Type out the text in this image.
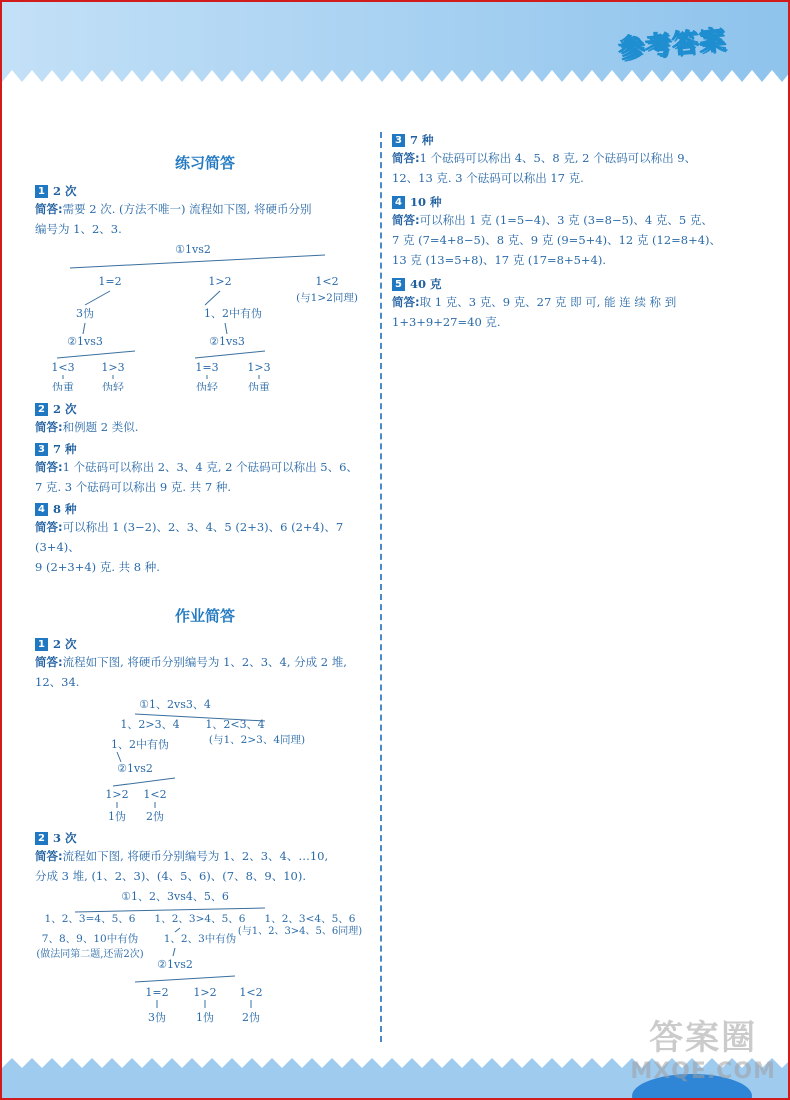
参考答案

练习简答

1 2 次

简答:需要 2 次. (方法不唯一) 流程如下图, 将硬币分别

编号为 1、2、3.

①1vs2
1=2	1>2	1<2
(与1>2同理)
3伪	1、2中有伪
②1vs3	②1vs3
1<3 1>3	1=3	1>3
伪重	伪轻	伪轻	伪重

2 2 次

简答:和例题 2 类似.

3 7 种

简答:1 个砝码可以称出 2、3、4 克, 2 个砝码可以称出 5、6、

7 克. 3 个砝码可以称出 9 克. 共 7 种.

4 8 种

简答:可以称出 1 (3−2)、2、3、4、5 (2+3)、6 (2+4)、7 (3+4)、

9 (2+3+4) 克. 共 8 种.

作业简答

1 2 次

简答:流程如下图, 将硬币分别编号为 1、2、3、4, 分成 2 堆,

12、34.

①1、2vs3、4
1、2>3、4 1、2<3、4
(与1、2>3、4同理)
1、2中有伪
②1vs2
1>2 1<2
1伪 2伪

2 3 次

简答:流程如下图, 将硬币分别编号为 1、2、3、4、…10,

分成 3 堆, (1、2、3)、(4、5、6)、(7、8、9、10).

①1、2、3vs4、5、6
1、2、3=4、5、6 1、2、3>4、5、6 1、2、3<4、5、6
7、8、9、10中有伪
(做法同第二题,还需2次)
1、2、3中有伪
(与1、2、3>4、5、6同理)
②1vs2
1=2 1>2 1<2
3伪	1伪	2伪

3 7 种

简答:1 个砝码可以称出 4、5、8 克, 2 个砝码可以称出 9、

12、13 克. 3 个砝码可以称出 17 克.

4 10 种

简答:可以称出 1 克 (1=5−4)、3 克 (3=8−5)、4 克、5 克、

7 克 (7=4+8−5)、8 克、9 克 (9=5+4)、12 克 (12=8+4)、

13 克 (13=5+8)、17 克 (17=8+5+4).

5 40 克

简答:取 1 克、3 克、9 克、27 克 即 可, 能 连 续 称 到

1+3+9+27=40 克.

答案圈
MXQE.COM
